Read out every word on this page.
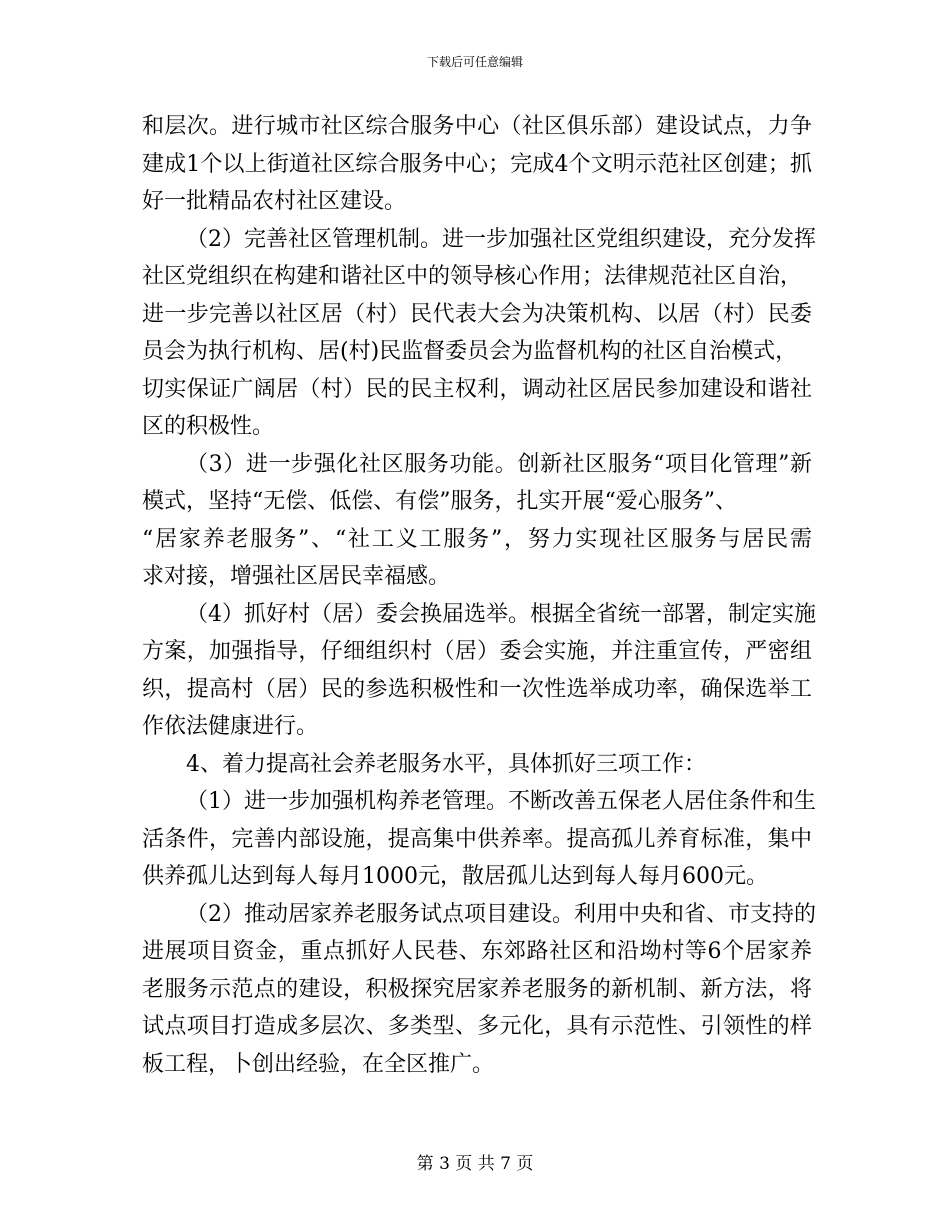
下载后可任意编辑
和层次。进行城市社区综合服务中心（社区俱乐部）建设试点，力争
建成1个以上街道社区综合服务中心；完成4个文明示范社区创建；抓
好一批精品农村社区建设。
（2）完善社区管理机制。进一步加强社区党组织建设，充分发挥
社区党组织在构建和谐社区中的领导核心作用；法律规范社区自治，
进一步完善以社区居（村）民代表大会为决策机构、以居（村）民委
员会为执行机构、居(村)民监督委员会为监督机构的社区自治模式，
切实保证广阔居（村）民的民主权利，调动社区居民参加建设和谐社
区的积极性。
（3）进一步强化社区服务功能。创新社区服务“项目化管理”新
模式，坚持“无偿、低偿、有偿”服务，扎实开展“爱心服务”、
“居家养老服务”、“社工义工服务”，努力实现社区服务与居民需
求对接，增强社区居民幸福感。
（4）抓好村（居）委会换届选举。根据全省统一部署，制定实施
方案，加强指导，仔细组织村（居）委会实施，并注重宣传，严密组
织，提高村（居）民的参选积极性和一次性选举成功率，确保选举工
作依法健康进行。
4、着力提高社会养老服务水平，具体抓好三项工作：
（1）进一步加强机构养老管理。不断改善五保老人居住条件和生
活条件，完善内部设施，提高集中供养率。提高孤儿养育标准，集中
供养孤儿达到每人每月1000元，散居孤儿达到每人每月600元。
（2）推动居家养老服务试点项目建设。利用中央和省、市支持的
进展项目资金，重点抓好人民巷、东郊路社区和沿坳村等6个居家养
老服务示范点的建设，积极探究居家养老服务的新机制、新方法，将
试点项目打造成多层次、多类型、多元化，具有示范性、引领性的样
板工程，卜创出经验，在全区推广。
第 3 页 共 7 页
